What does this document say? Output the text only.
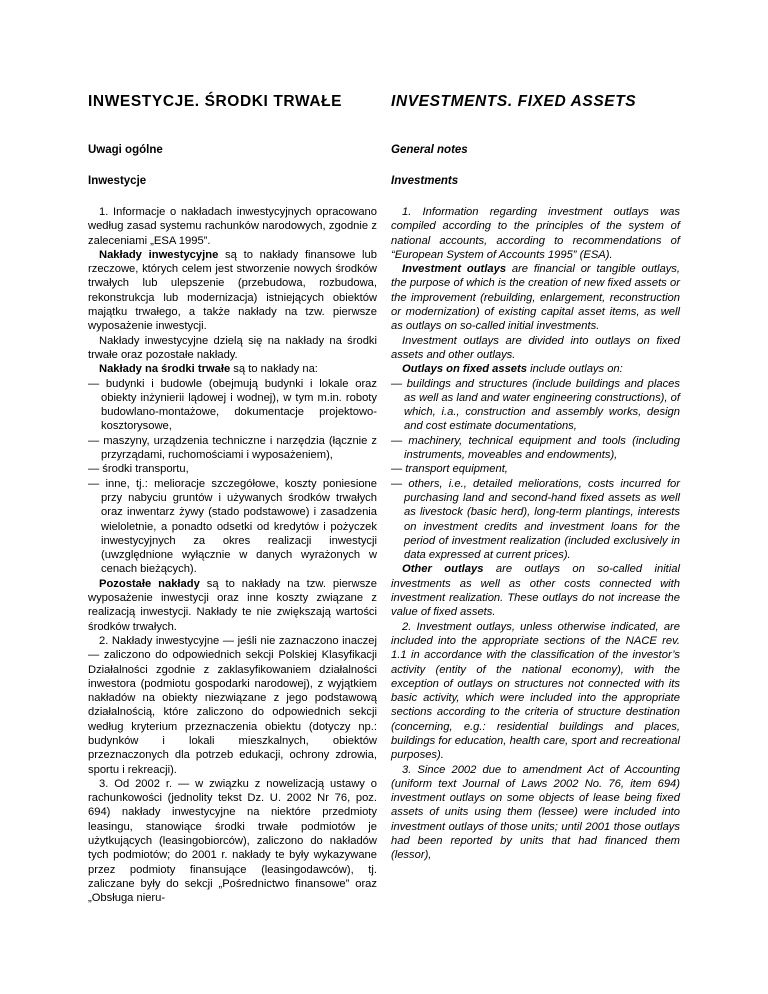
INWESTYCJE. ŚRODKI TRWAŁE
Uwagi ogólne
Inwestycje

1. Informacje o nakładach inwestycyjnych opracowano według zasad systemu rachunków narodowych, zgodnie z zaleceniami „ESA 1995”.

Nakłady inwestycyjne są to nakłady finansowe lub rzeczowe, których celem jest stworzenie nowych środków trwałych lub ulepszenie (przebudowa, rozbudowa, rekonstrukcja lub modernizacja) istniejących obiektów majątku trwałego, a także nakłady na tzw. pierwsze wyposażenie inwestycji.

Nakłady inwestycyjne dzielą się na nakłady na środki trwałe oraz pozostałe nakłady.

Nakłady na środki trwałe są to nakłady na:

— budynki i budowle (obejmują budynki i lokale oraz obiekty inżynierii lądowej i wodnej), w tym m.in. roboty budowlano-montażowe, dokumentacje projektowo-kosztorysowe,
— maszyny, urządzenia techniczne i narzędzia (łącznie z przyrządami, ruchomościami i wyposażeniem),
— środki transportu,
— inne, tj.: melioracje szczegółowe, koszty poniesione przy nabyciu gruntów i używanych środków trwałych oraz inwentarz żywy (stado podstawowe) i zasadzenia wieloletnie, a ponadto odsetki od kredytów i pożyczek inwestycyjnych za okres realizacji inwestycji (uwzględnione wyłącznie w danych wyrażonych w cenach bieżących).

Pozostałe nakłady są to nakłady na tzw. pierwsze wyposażenie inwestycji oraz inne koszty związane z realizacją inwestycji. Nakłady te nie zwiększają wartości środków trwałych.

2. Nakłady inwestycyjne — jeśli nie zaznaczono inaczej — zaliczono do odpowiednich sekcji Polskiej Klasyfikacji Działalności zgodnie z zaklasyfikowaniem działalności inwestora (podmiotu gospodarki narodowej), z wyjątkiem nakładów na obiekty niezwiązane z jego podstawową działalnością, które zaliczono do odpowiednich sekcji według kryterium przeznaczenia obiektu (dotyczy np.: budynków i lokali mieszkalnych, obiektów przeznaczonych dla potrzeb edukacji, ochrony zdrowia, sportu i rekreacji).

3. Od 2002 r. — w związku z nowelizacją ustawy o rachunkowości (jednolity tekst Dz. U. 2002 Nr 76, poz. 694) nakłady inwestycyjne na niektóre przedmioty leasingu, stanowiące środki trwałe podmiotów je użytkujących (leasingobiorców), zaliczono do nakładów tych podmiotów; do 2001 r. nakłady te były wykazywane przez podmioty finansujące (leasingodawców), tj. zaliczane były do sekcji „Pośrednictwo finansowe” oraz „Obsługa nieru-

INVESTMENTS. FIXED ASSETS
General notes
Investments

1. Information regarding investment outlays was compiled according to the principles of the system of national accounts, according to recommendations of “European System of Accounts 1995” (ESA).

Investment outlays are financial or tangible outlays, the purpose of which is the creation of new fixed assets or the improvement (rebuilding, enlargement, reconstruction or modernization) of existing capital asset items, as well as outlays on so-called initial investments.

Investment outlays are divided into outlays on fixed assets and other outlays.

Outlays on fixed assets include outlays on:

— buildings and structures (include buildings and places as well as land and water engineering constructions), of which, i.a., construction and assembly works, design and cost estimate documentations,
— machinery, technical equipment and tools (including instruments, moveables and endowments),
— transport equipment,
— others, i.e., detailed meliorations, costs incurred for purchasing land and second-hand fixed assets as well as livestock (basic herd), long-term plantings, interests on investment credits and investment loans for the period of investment realization (included exclusively in data expressed at current prices).

Other outlays are outlays on so-called initial investments as well as other costs connected with investment realization. These outlays do not increase the value of fixed assets.

2. Investment outlays, unless otherwise indicated, are included into the appropriate sections of the NACE rev. 1.1 in accordance with the classification of the investor’s activity (entity of the national economy), with the exception of outlays on structures not connected with its basic activity, which were included into the appropriate sections according to the criteria of structure destination (concerning, e.g.: residential buildings and places, buildings for education, health care, sport and recreational purposes).

3. Since 2002 due to amendment Act of Accounting (uniform text Journal of Laws 2002 No. 76, item 694) investment outlays on some objects of lease being fixed assets of units using them (lessee) were included into investment outlays of those units; until 2001 those outlays had been reported by units that had financed them (lessor),
